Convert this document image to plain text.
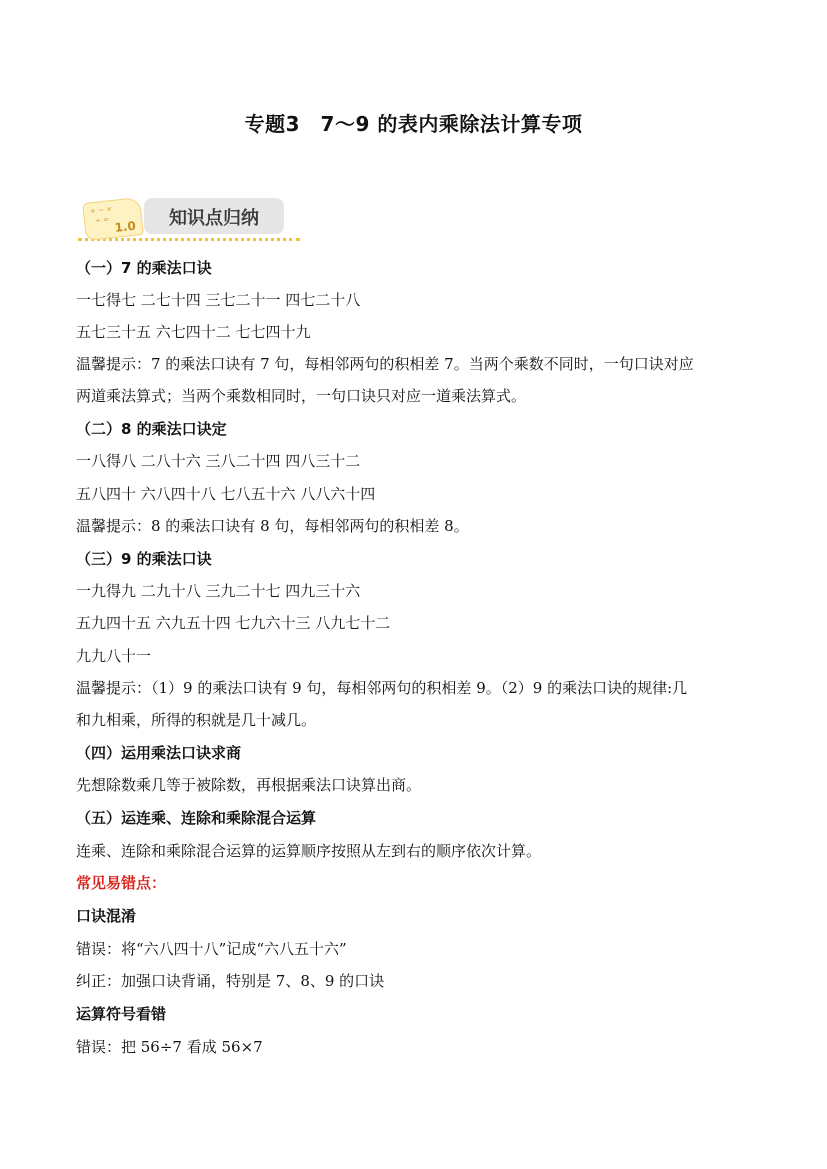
专题3　7～9 的表内乘除法计算专项
+ − ×
÷ = 1.0	知识点归纳
（一）7 的乘法口诀
一七得七 二七十四 三七二十一 四七二十八
五七三十五 六七四十二 七七四十九
温馨提示：7 的乘法口诀有 7 句，每相邻两句的积相差 7。当两个乘数不同时，一句口诀对应
两道乘法算式；当两个乘数相同时，一句口诀只对应一道乘法算式。
（二）8 的乘法口诀定
一八得八 二八十六 三八二十四 四八三十二
五八四十 六八四十八 七八五十六 八八六十四
温馨提示：8 的乘法口诀有 8 句，每相邻两句的积相差 8。
（三）9 的乘法口诀
一九得九 二九十八 三九二十七 四九三十六
五九四十五 六九五十四 七九六十三 八九七十二
九九八十一
温馨提示：（1）9 的乘法口诀有 9 句，每相邻两句的积相差 9。（2）9 的乘法口诀的规律:几
和九相乘，所得的积就是几十减几。
（四）运用乘法口诀求商
先想除数乘几等于被除数，再根据乘法口诀算出商。
（五）运连乘、连除和乘除混合运算
连乘、连除和乘除混合运算的运算顺序按照从左到右的顺序依次计算。
常见易错点：
口诀混淆
错误：将“六八四十八”记成“六八五十六”
纠正：加强口诀背诵，特别是 7、8、9 的口诀
运算符号看错
错误：把 56÷7 看成 56×7
